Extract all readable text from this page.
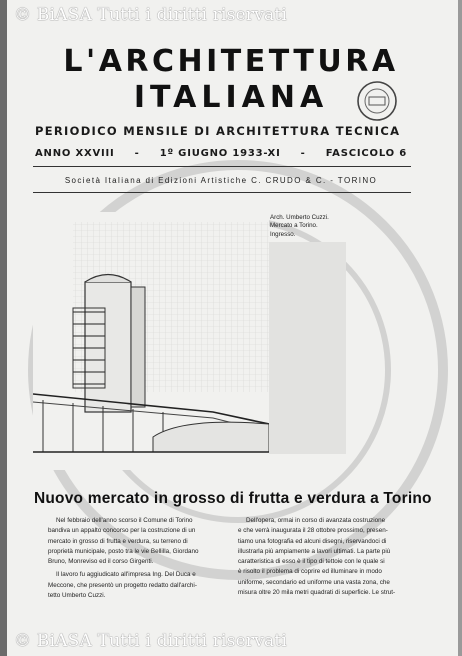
© BiASA Tutti i diritti riservati
L'ARCHITETTURA
ITALIANA
PERIODICO MENSILE DI ARCHITETTURA TECNICA
ANNO XXVIII - 1º GIUGNO 1933-XI - FASCICOLO 6
Società Italiana di Edizioni Artistiche C. CRUDO & C. - TORINO
Arch. Umberto Cuzzi.
Mercato a Torino.
Ingresso.
Nuovo mercato in grosso di frutta e verdura a Torino
Nel febbraio dell'anno scorso il Comune di Torino
bandiva un appalto concorso per la costruzione di un
mercato in grosso di frutta e verdura, su terreno di
proprietà municipale, posto tra le vie Bellilla, Giordano
Bruno, Monreviso ed il corso Girgenti.
Il lavoro fu aggiudicato all'impresa Ing. Del Duca e
Meccone, che presentò un progetto redatto dall'archi-
tetto Umberto Cuzzi.
Dell'opera, ormai in corso di avanzata costruzione
e che verrà inaugurata il 28 ottobre prossimo, presen-
tiamo una fotografia ed alcuni disegni, riservandoci di
illustrarla più ampiamente a lavori ultimati. La parte più
caratteristica di esso è il tipo di tettoie con le quale si
è risolto il problema di coprire ed illuminare in modo
uniforme, secondario ed uniforme una vasta zona, che
misura oltre 20 mila metri quadrati di superficie. Le strut-
© BiASA Tutti i diritti riservati
